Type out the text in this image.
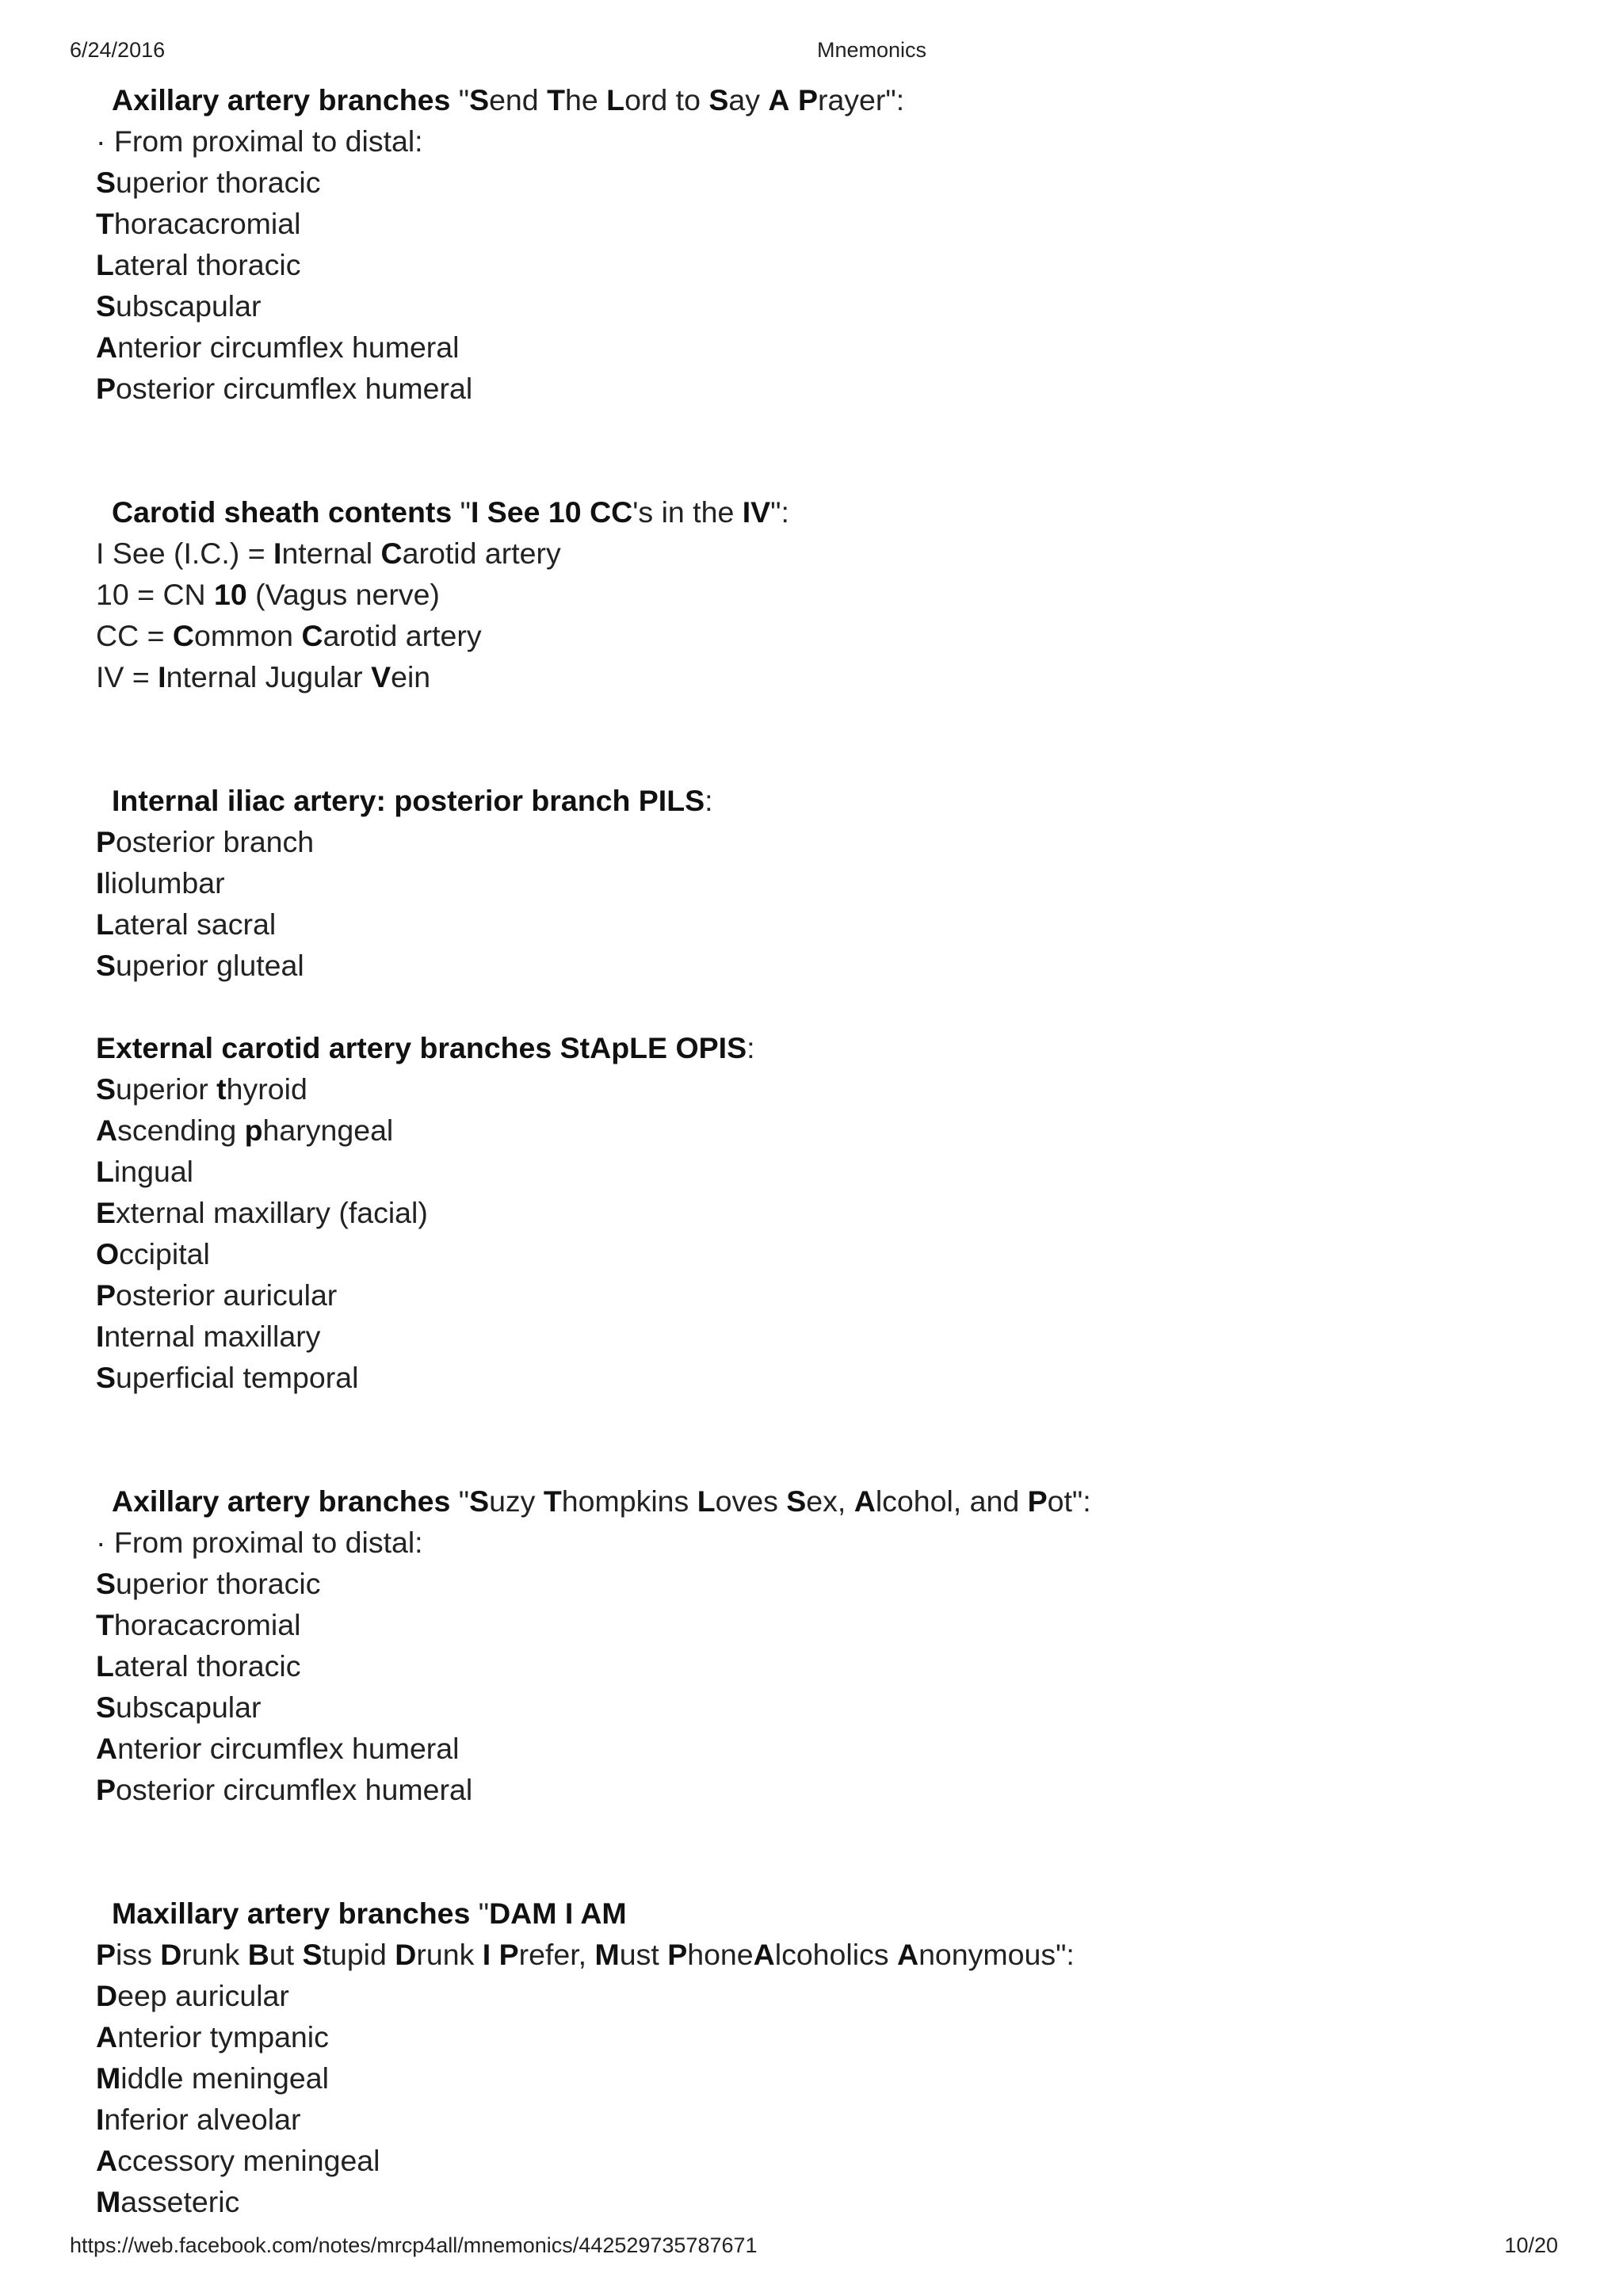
6/24/2016	Mnemonics
Axillary artery branches "Send The Lord to Say A Prayer":
· From proximal to distal:
Superior thoracic
Thoracacromial
Lateral thoracic
Subscapular
Anterior circumflex humeral
Posterior circumflex humeral
Carotid sheath contents "I See 10 CC's in the IV":
I See (I.C.) = Internal Carotid artery
10 = CN 10 (Vagus nerve)
CC = Common Carotid artery
IV = Internal Jugular Vein
Internal iliac artery: posterior branch PILS:
Posterior branch
Iliolumbar
Lateral sacral
Superior gluteal
External carotid artery branches StApLE OPIS:
Superior thyroid
Ascending pharyngeal
Lingual
External maxillary (facial)
Occipital
Posterior auricular
Internal maxillary
Superficial temporal
Axillary artery branches "Suzy Thompkins Loves Sex, Alcohol, and Pot":
· From proximal to distal:
Superior thoracic
Thoracacromial
Lateral thoracic
Subscapular
Anterior circumflex humeral
Posterior circumflex humeral
Maxillary artery branches "DAM I AM
Piss Drunk But Stupid Drunk I Prefer, Must PhoneAlcoholics Anonymous":
Deep auricular
Anterior tympanic
Middle meningeal
Inferior alveolar
Accessory meningeal
Masseteric
https://web.facebook.com/notes/mrcp4all/mnemonics/442529735787671	10/20
